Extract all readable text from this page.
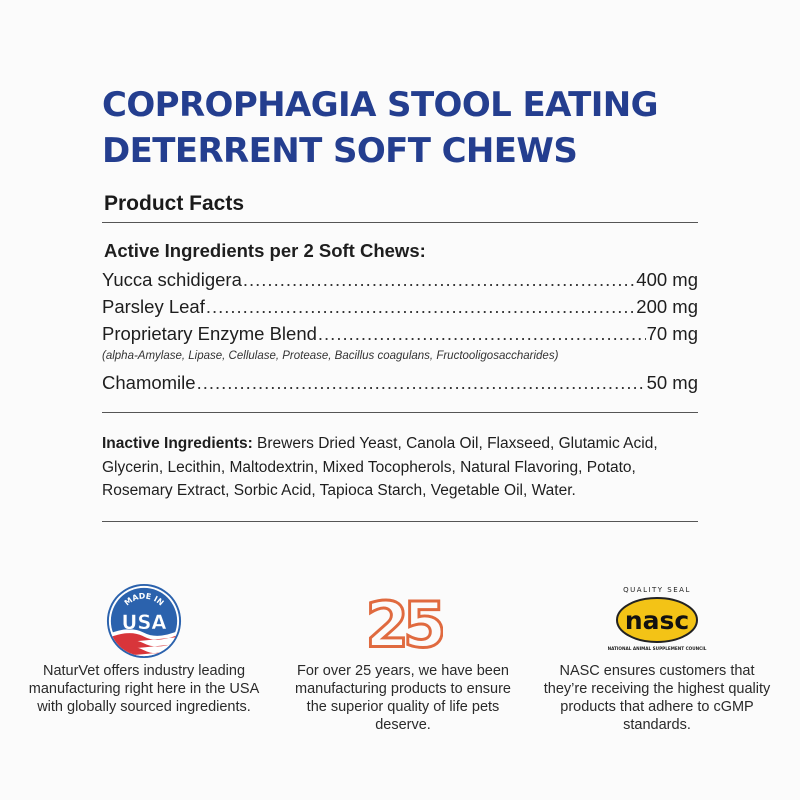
COPROPHAGIA STOOL EATING
DETERRENT SOFT CHEWS
Product Facts
Active Ingredients per 2 Soft Chews:
Yucca schidigera .....	400 mg
Parsley Leaf .....	200 mg
Proprietary Enzyme Blend .....	70 mg
(alpha-Amylase, Lipase, Cellulase, Protease, Bacillus coagulans, Fructooligosaccharides)
Chamomile .....	50 mg

Inactive Ingredients: Brewers Dried Yeast, Canola Oil, Flaxseed, Glutamic Acid, Glycerin, Lecithin, Maltodextrin, Mixed Tocopherols, Natural Flavoring, Potato, Rosemary Extract, Sorbic Acid, Tapioca Starch, Vegetable Oil, Water.

MADE IN
USA

NaturVet offers industry leading manufacturing right here in the USA with globally sourced ingredients.

25

For over 25 years, we have been manufacturing products to ensure the superior quality of life pets deserve.

QUALITY SEAL
nasc
NATIONAL ANIMAL SUPPLEMENT COUNCIL

NASC ensures customers that they’re receiving the highest quality products that adhere to cGMP standards.
